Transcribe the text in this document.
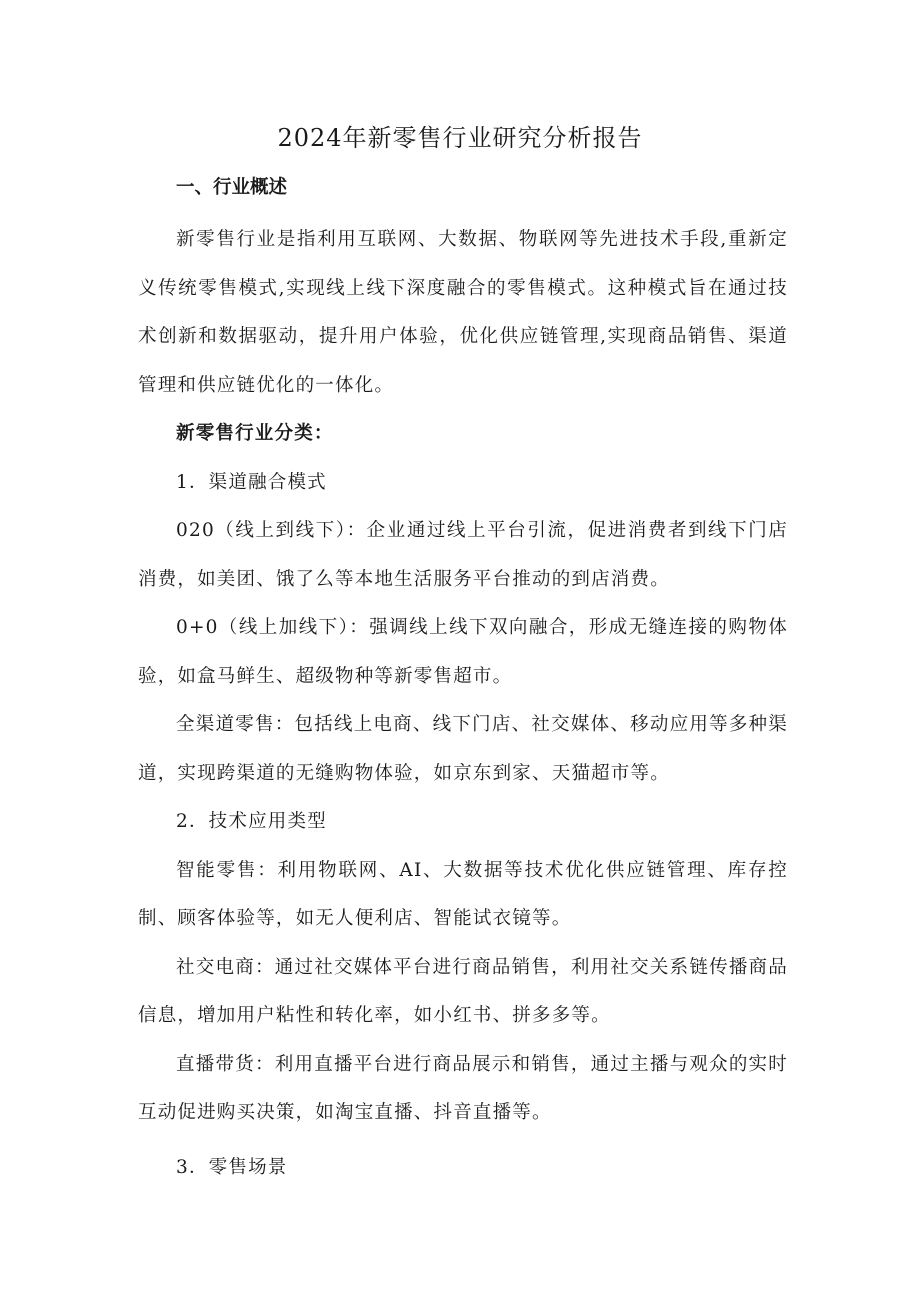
2024年新零售行业研究分析报告

一、行业概述

新零售行业是指利用互联网、大数据、物联网等先进技术手段,重新定义传统零售模式,实现线上线下深度融合的零售模式。这种模式旨在通过技术创新和数据驱动，提升用户体验，优化供应链管理,实现商品销售、渠道管理和供应链优化的一体化。

新零售行业分类：

1．渠道融合模式

020（线上到线下）：企业通过线上平台引流，促进消费者到线下门店消费，如美团、饿了么等本地生活服务平台推动的到店消费。

0+0（线上加线下）：强调线上线下双向融合，形成无缝连接的购物体验，如盒马鲜生、超级物种等新零售超市。

全渠道零售：包括线上电商、线下门店、社交媒体、移动应用等多种渠道，实现跨渠道的无缝购物体验，如京东到家、天猫超市等。

2．技术应用类型

智能零售：利用物联网、AI、大数据等技术优化供应链管理、库存控制、顾客体验等，如无人便利店、智能试衣镜等。

社交电商：通过社交媒体平台进行商品销售，利用社交关系链传播商品信息，增加用户粘性和转化率，如小红书、拼多多等。

直播带货：利用直播平台进行商品展示和销售，通过主播与观众的实时互动促进购买决策，如淘宝直播、抖音直播等。

3．零售场景
